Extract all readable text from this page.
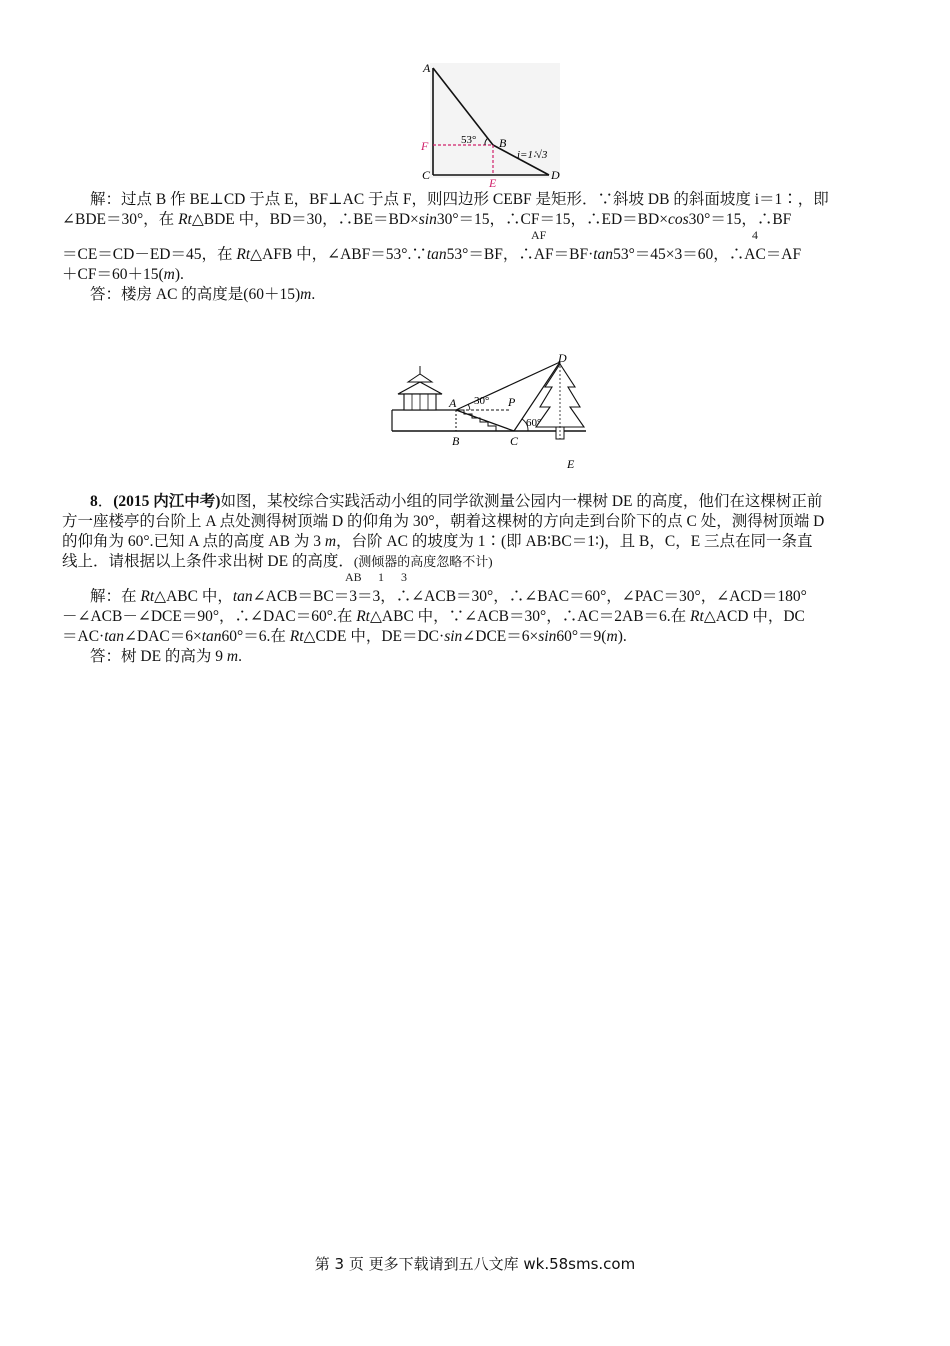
A
B
C	D
E
F	53°
i=1∶√3
解：过点 B 作 BE⊥CD 于点 E，BF⊥AC 于点 F，则四边形 CEBF 是矩形．∵斜坡 DB 的斜面坡度 i＝1∶，即
∠BDE＝30°，在 Rt△BDE 中，BD＝30，∴BE＝BD×sin30°＝15，∴CF＝15，∴ED＝BD×cos30°＝15，∴BF
AF	4
＝CE＝CD－ED＝45，在 Rt△AFB 中，∠ABF＝53°.∵tan53°＝BF，∴AF＝BF·tan53°＝45×3＝60，∴AC＝AF
＋CF＝60＋15(m).
答：楼房 AC 的高度是(60＋15)m.
A
B	C
D
E
P
30°
60°
8．(2015 内江中考)如图，某校综合实践活动小组的同学欲测量公园内一棵树 DE 的高度，他们在这棵树正前
方一座楼亭的台阶上 A 点处测得树顶端 D 的仰角为 30°，朝着这棵树的方向走到台阶下的点 C 处，测得树顶端 D
的仰角为 60°.已知 A 点的高度 AB 为 3 m，台阶 AC 的坡度为 1∶(即 AB∶BC＝1∶)，且 B，C，E 三点在同一条直
线上．请根据以上条件求出树 DE 的高度．(测倾器的高度忽略不计)
AB 1 3
解：在 Rt△ABC 中，tan∠ACB＝BC＝3＝3，∴∠ACB＝30°，∴∠BAC＝60°，∠PAC＝30°，∠ACD＝180°
－∠ACB－∠DCE＝90°，∴∠DAC＝60°.在 Rt△ABC 中，∵∠ACB＝30°，∴AC＝2AB＝6.在 Rt△ACD 中，DC
＝AC·tan∠DAC＝6×tan60°＝6.在 Rt△CDE 中，DE＝DC·sin∠DCE＝6×sin60°＝9(m).
答：树 DE 的高为 9 m.
第 3 页 更多下载请到五八文库 wk.58sms.com
